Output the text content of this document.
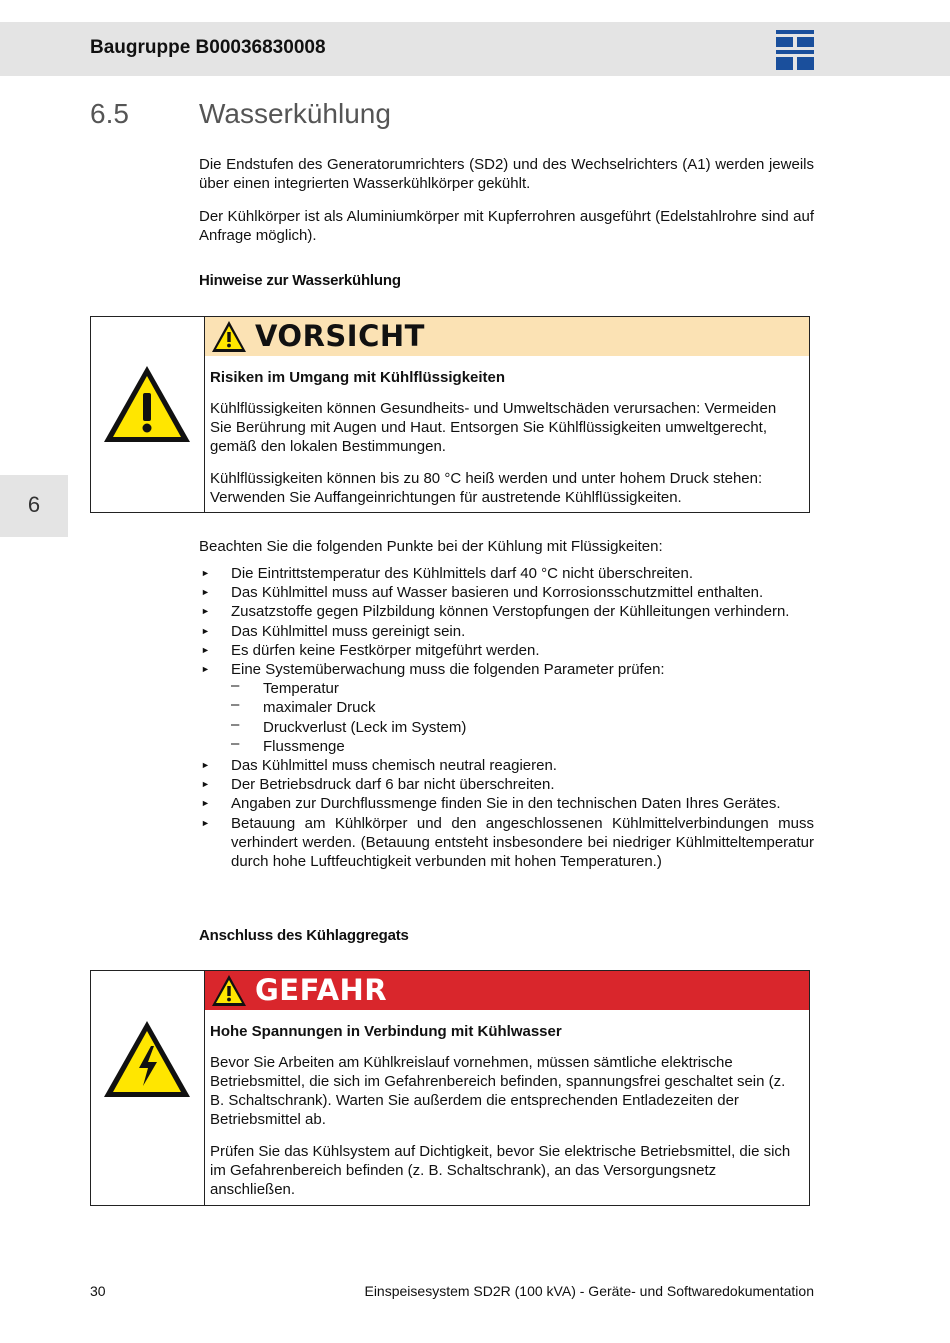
Baugruppe B00036830008
6.5	Wasserkühlung
Die Endstufen des Generatorumrichters (SD2) und des Wechselrichters (A1) werden jeweils über einen integrierten Wasserkühlkörper gekühlt.
Der Kühlkörper ist als Aluminiumkörper mit Kupferrohren ausgeführt (Edelstahlrohre sind auf Anfrage möglich).
Hinweise zur Wasserkühlung
6
VORSICHT
Risiken im Umgang mit Kühlflüssigkeiten
Kühlflüssigkeiten können Gesundheits- und Umweltschäden verursachen: Vermeiden Sie Berührung mit Augen und Haut. Entsorgen Sie Kühlflüssigkeiten umweltgerecht, gemäß den lokalen Bestimmungen.
Kühlflüssigkeiten können bis zu 80 °C heiß werden und unter hohem Druck stehen: Verwenden Sie Auffangeinrichtungen für austretende Kühlflüssigkeiten.
Beachten Sie die folgenden Punkte bei der Kühlung mit Flüssigkeiten:
► Die Eintrittstemperatur des Kühlmittels darf 40 °C nicht überschreiten.
► Das Kühlmittel muss auf Wasser basieren und Korrosionsschutzmittel enthalten.
► Zusatzstoffe gegen Pilzbildung können Verstopfungen der Kühlleitungen verhindern.
► Das Kühlmittel muss gereinigt sein.
► Es dürfen keine Festkörper mitgeführt werden.
► Eine Systemüberwachung muss die folgenden Parameter prüfen:
– Temperatur
– maximaler Druck
– Druckverlust (Leck im System)
– Flussmenge
► Das Kühlmittel muss chemisch neutral reagieren.
► Der Betriebsdruck darf 6 bar nicht überschreiten.
► Angaben zur Durchflussmenge finden Sie in den technischen Daten Ihres Gerätes.
► Betauung am Kühlkörper und den angeschlossenen Kühlmittelverbindungen muss verhindert werden. (Betauung entsteht insbesondere bei niedriger Kühlmitteltemperatur durch hohe Luftfeuchtigkeit verbunden mit hohen Temperaturen.)
Anschluss des Kühlaggregats
GEFAHR
Hohe Spannungen in Verbindung mit Kühlwasser
Bevor Sie Arbeiten am Kühlkreislauf vornehmen, müssen sämtliche elektrische Betriebsmittel, die sich im Gefahrenbereich befinden, spannungsfrei geschaltet sein (z. B. Schaltschrank). Warten Sie außerdem die entsprechenden Entladezeiten der Betriebsmittel ab.
Prüfen Sie das Kühlsystem auf Dichtigkeit, bevor Sie elektrische Betriebsmittel, die sich im Gefahrenbereich befinden (z. B. Schaltschrank), an das Versorgungsnetz anschließen.
30	Einspeisesystem SD2R (100 kVA) - Geräte- und Softwaredokumentation
